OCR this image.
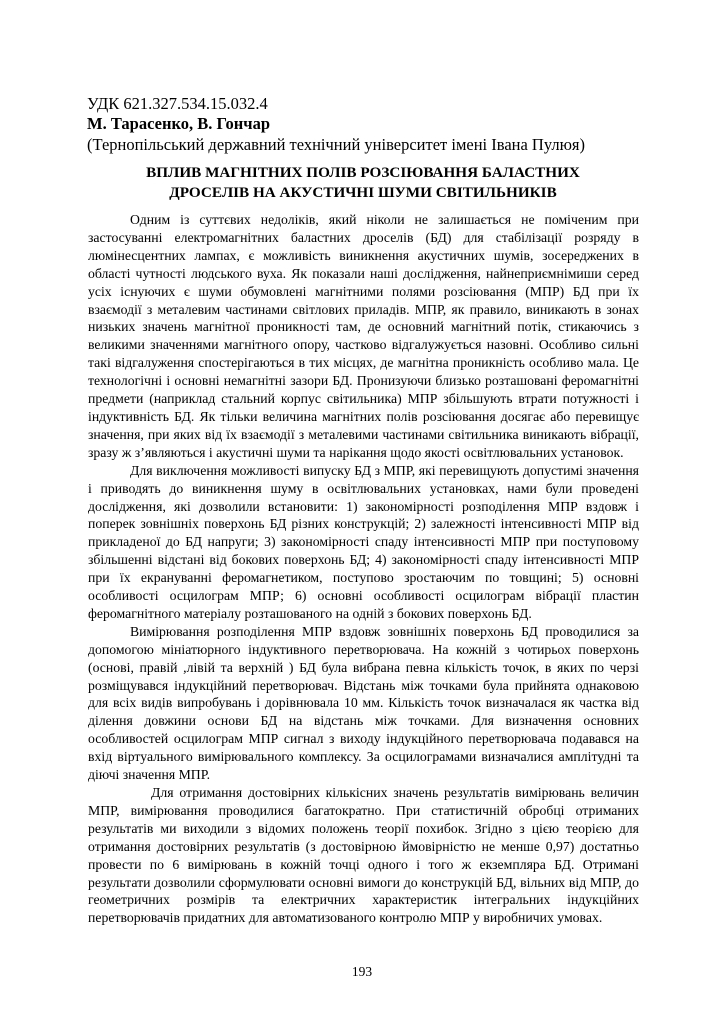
УДК 621.327.534.15.032.4
М. Тарасенко, В. Гончар
(Тернопільський державний технічний університет імені Івана Пулюя)
ВПЛИВ МАГНІТНИХ ПОЛІВ РОЗСІЮВАННЯ БАЛАСТНИХ
ДРОСЕЛІВ НА АКУСТИЧНІ ШУМИ СВІТИЛЬНИКІВ

Одним із суттєвих недоліків, який ніколи не залишається не поміченим при застосуванні електромагнітних баластних дроселів (БД) для стабілізації розряду в люмінесцентних лампах, є можливість виникнення акустичних шумів, зосереджених в області чутності людського вуха. Як показали наші дослідження, найнеприємнімиши серед усіх існуючих є шуми обумовлені магнітними полями розсіювання (МПР) БД при їх взаємодії з металевим частинами світлових приладів. МПР, як правило, виникають в зонах низьких значень магнітної проникності там, де основний магнітний потік, стикаючись з великими значеннями магнітного опору, частково відгалужується назовні. Особливо сильні такі відгалуження спостерігаються в тих місцях, де магнітна проникність особливо мала. Це технологічні і основні немагнітні зазори БД. Пронизуючи близько розташовані феромагнітні предмети (наприклад стальний корпус світильника) МПР збільшують втрати потужності і індуктивність БД. Як тільки величина магнітних полів розсіювання досягає або перевищує значення, при яких від їх взаємодії з металевими частинами світильника виникають вібрації, зразу ж з’являються і акустичні шуми та нарікання щодо якості освітлювальних установок.

Для виключення можливості випуску БД з МПР, які перевищують допустимі значення і приводять до виникнення шуму в освітлювальних установках, нами були проведені дослідження, які дозволили встановити: 1) закономірності розподілення МПР вздовж і поперек зовнішніх поверхонь БД різних конструкцій; 2) залежності інтенсивності МПР від прикладеної до БД напруги; 3) закономірності спаду інтенсивності МПР при поступовому збільшенні відстані від бокових поверхонь БД; 4) закономірності спаду інтенсивності МПР при їх екрануванні феромагнетиком, поступово зростаючим по товщині; 5) основні особливості осцилограм МПР; 6) основні особливості осцилограм вібрації пластин феромагнітного матеріалу розташованого на одній з бокових поверхонь БД.

Вимірювання розподілення МПР вздовж зовнішніх поверхонь БД проводилися за допомогою мініатюрного індуктивного перетворювача. На кожній з чотирьох поверхонь (основі, правій ,лівій та верхній ) БД була вибрана певна кількість точок, в яких по черзі розміщувався індукційний перетворювач. Відстань між точками була прийнята однаковою для всіх видів випробувань і дорівнювала 10 мм. Кількість точок визначалася як частка від ділення довжини основи БД на відстань між точками. Для визначення основних особливостей осцилограм МПР сигнал з виходу індукційного перетворювача подавався на вхід віртуального вимірювального комплексу. За осцилограмами визначалися амплітудні та діючі значення МПР.

Для отримання достовірних кількісних значень результатів вимірювань величин МПР, вимірювання проводилися багатократно. При статистичній обробці отриманих результатів ми виходили з відомих положень теорії похибок. Згідно з цією теорією для отримання достовірних результатів (з достовірною ймовірністю не менше 0,97) достатньо провести по 6 вимірювань в кожній точці одного і того ж екземпляра БД. Отримані результати дозволили сформулювати основні вимоги до конструкцій БД, вільних від МПР, до геометричних розмірів та електричних характеристик інтегральних індукційних перетворювачів придатних для автоматизованого контролю МПР у виробничих умовах.

193
